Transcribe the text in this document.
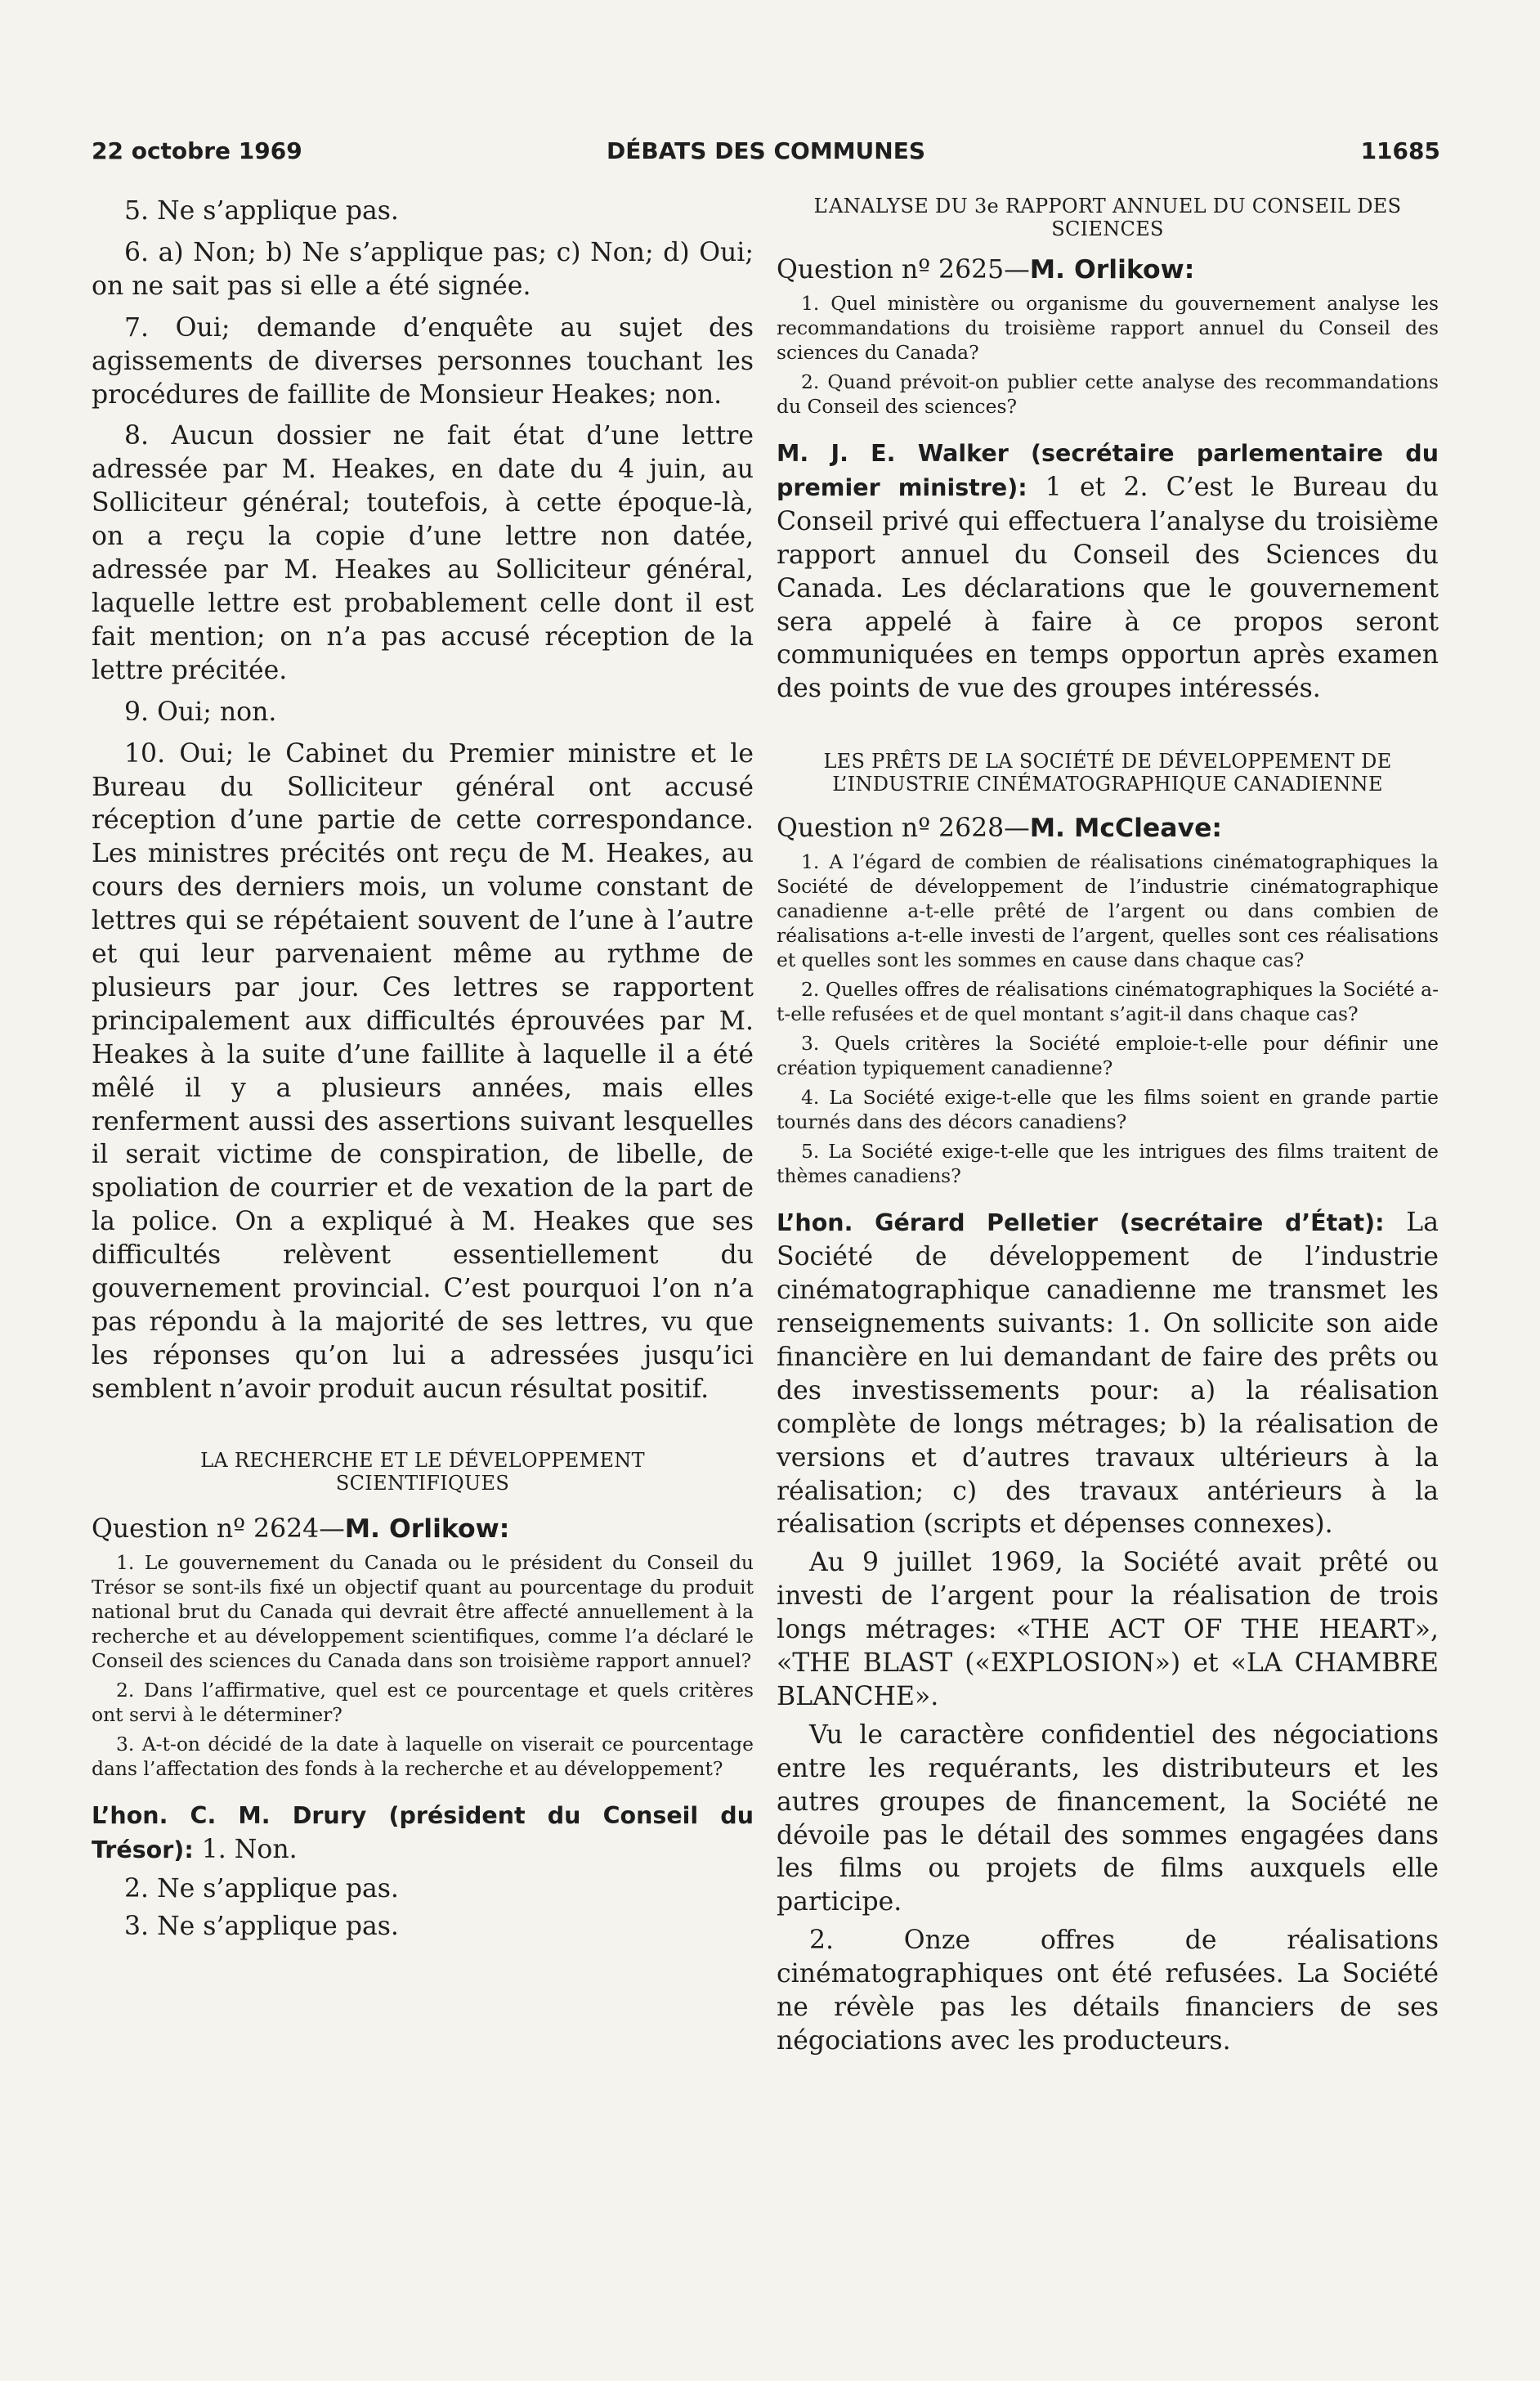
22 octobre 1969	DÉBATS DES COMMUNES	11685

5. Ne s’applique pas.

6. a) Non; b) Ne s’applique pas; c) Non; d) Oui; on ne sait pas si elle a été signée.

7. Oui; demande d’enquête au sujet des agissements de diverses personnes touchant les procédures de faillite de Monsieur Heakes; non.

8. Aucun dossier ne fait état d’une lettre adressée par M. Heakes, en date du 4 juin, au Solliciteur général; toutefois, à cette époque-là, on a reçu la copie d’une lettre non datée, adressée par M. Heakes au Solliciteur général, laquelle lettre est probablement celle dont il est fait mention; on n’a pas accusé réception de la lettre précitée.

9. Oui; non.

10. Oui; le Cabinet du Premier ministre et le Bureau du Solliciteur général ont accusé réception d’une partie de cette correspondance. Les ministres précités ont reçu de M. Heakes, au cours des derniers mois, un volume constant de lettres qui se répétaient souvent de l’une à l’autre et qui leur parvenaient même au rythme de plusieurs par jour. Ces lettres se rapportent principalement aux difficultés éprouvées par M. Heakes à la suite d’une faillite à laquelle il a été mêlé il y a plusieurs années, mais elles renferment aussi des assertions suivant lesquelles il serait victime de conspiration, de libelle, de spoliation de courrier et de vexation de la part de la police. On a expliqué à M. Heakes que ses difficultés relèvent essentiellement du gouvernement provincial. C’est pourquoi l’on n’a pas répondu à la majorité de ses lettres, vu que les réponses qu’on lui a adressées jusqu’ici semblent n’avoir produit aucun résultat positif.

LA RECHERCHE ET LE DÉVELOPPEMENT SCIENTIFIQUES

Question nº 2624—M. Orlikow:

1. Le gouvernement du Canada ou le président du Conseil du Trésor se sont-ils fixé un objectif quant au pourcentage du produit national brut du Canada qui devrait être affecté annuellement à la recherche et au développement scientifiques, comme l’a déclaré le Conseil des sciences du Canada dans son troisième rapport annuel?

2. Dans l’affirmative, quel est ce pourcentage et quels critères ont servi à le déterminer?

3. A-t-on décidé de la date à laquelle on viserait ce pourcentage dans l’affectation des fonds à la recherche et au développement?

L’hon. C. M. Drury (président du Conseil du Trésor): 1. Non.

2. Ne s’applique pas.

3. Ne s’applique pas.

L’ANALYSE DU 3e RAPPORT ANNUEL DU CONSEIL DES SCIENCES

Question nº 2625—M. Orlikow:

1. Quel ministère ou organisme du gouvernement analyse les recommandations du troisième rapport annuel du Conseil des sciences du Canada?

2. Quand prévoit-on publier cette analyse des recommandations du Conseil des sciences?

M. J. E. Walker (secrétaire parlementaire du premier ministre): 1 et 2. C’est le Bureau du Conseil privé qui effectuera l’analyse du troisième rapport annuel du Conseil des Sciences du Canada. Les déclarations que le gouvernement sera appelé à faire à ce propos seront communiquées en temps opportun après examen des points de vue des groupes intéressés.

LES PRÊTS DE LA SOCIÉTÉ DE DÉVELOPPEMENT DE L’INDUSTRIE CINÉMATOGRAPHIQUE CANADIENNE

Question nº 2628—M. McCleave:

1. A l’égard de combien de réalisations cinématographiques la Société de développement de l’industrie cinématographique canadienne a-t-elle prêté de l’argent ou dans combien de réalisations a-t-elle investi de l’argent, quelles sont ces réalisations et quelles sont les sommes en cause dans chaque cas?

2. Quelles offres de réalisations cinématographiques la Société a-t-elle refusées et de quel montant s’agit-il dans chaque cas?

3. Quels critères la Société emploie-t-elle pour définir une création typiquement canadienne?

4. La Société exige-t-elle que les films soient en grande partie tournés dans des décors canadiens?

5. La Société exige-t-elle que les intrigues des films traitent de thèmes canadiens?

L’hon. Gérard Pelletier (secrétaire d’État): La Société de développement de l’industrie cinématographique canadienne me transmet les renseignements suivants: 1. On sollicite son aide financière en lui demandant de faire des prêts ou des investissements pour: a) la réalisation complète de longs métrages; b) la réalisation de versions et d’autres travaux ultérieurs à la réalisation; c) des travaux antérieurs à la réalisation (scripts et dépenses connexes).

Au 9 juillet 1969, la Société avait prêté ou investi de l’argent pour la réalisation de trois longs métrages: «THE ACT OF THE HEART», «THE BLAST («EXPLOSION») et «LA CHAMBRE BLANCHE».

Vu le caractère confidentiel des négociations entre les requérants, les distributeurs et les autres groupes de financement, la Société ne dévoile pas le détail des sommes engagées dans les films ou projets de films auxquels elle participe.

2. Onze offres de réalisations cinématographiques ont été refusées. La Société ne révèle pas les détails financiers de ses négociations avec les producteurs.
